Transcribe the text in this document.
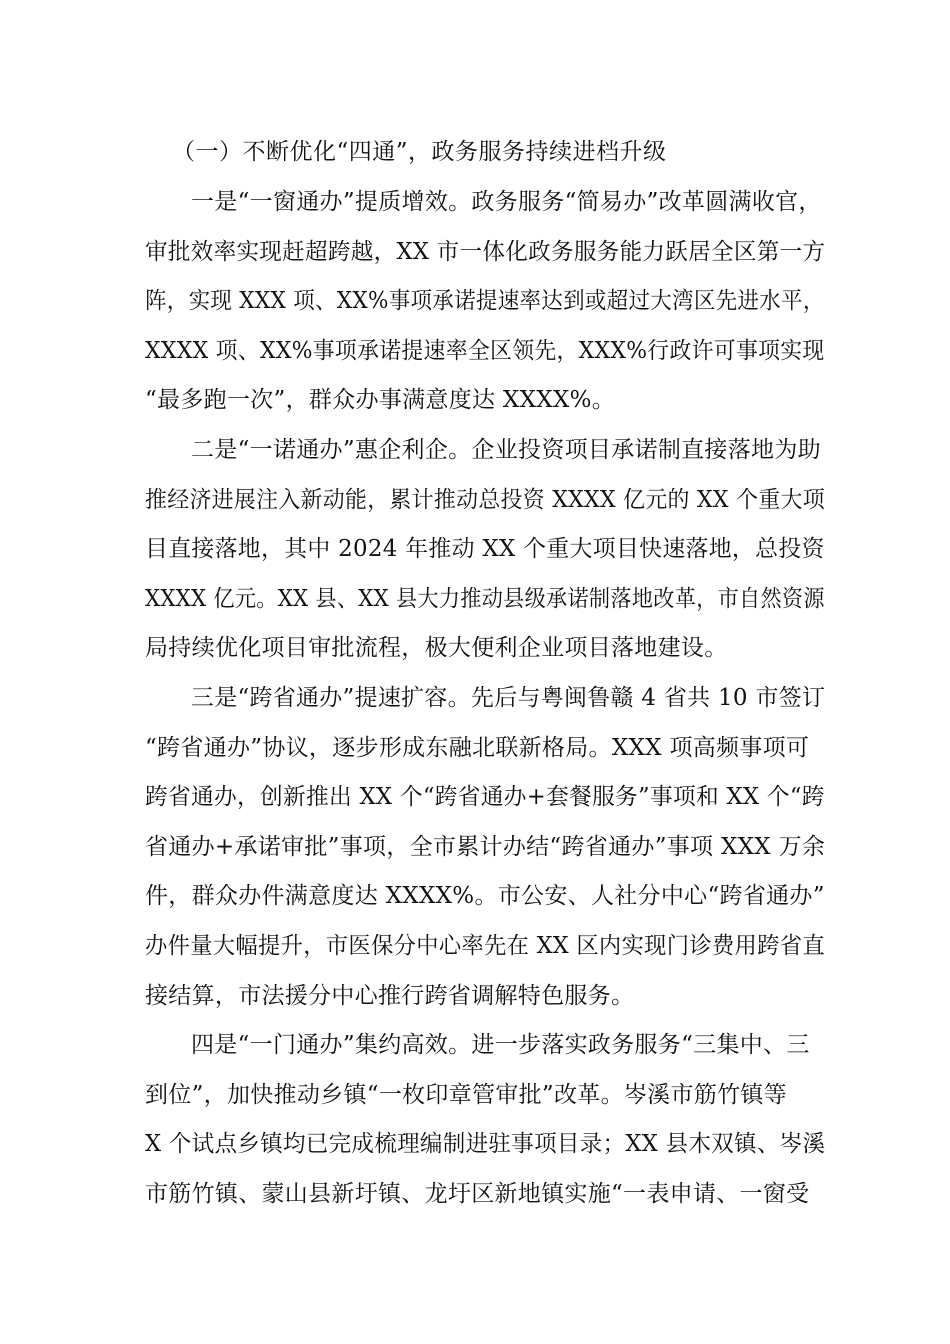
（一）不断优化“四通”，政务服务持续进档升级
一是“一窗通办”提质增效。政务服务“简易办”改革圆满收官，
审批效率实现赶超跨越，XX 市一体化政务服务能力跃居全区第一方
阵，实现 XXX 项、XX%事项承诺提速率达到或超过大湾区先进水平，
XXXX 项、XX%事项承诺提速率全区领先，XXX%行政许可事项实现
“最多跑一次”，群众办事满意度达 XXXX%。
二是“一诺通办”惠企利企。企业投资项目承诺制直接落地为助
推经济进展注入新动能，累计推动总投资 XXXX 亿元的 XX 个重大项
目直接落地，其中 2024 年推动 XX 个重大项目快速落地，总投资
XXXX 亿元。XX 县、XX 县大力推动县级承诺制落地改革，市自然资源
局持续优化项目审批流程，极大便利企业项目落地建设。
三是“跨省通办”提速扩容。先后与粤闽鲁赣 4 省共 10 市签订
“跨省通办”协议，逐步形成东融北联新格局。XXX 项高频事项可
跨省通办，创新推出 XX 个“跨省通办+套餐服务”事项和 XX 个“跨
省通办+承诺审批”事项，全市累计办结“跨省通办”事项 XXX 万余
件，群众办件满意度达 XXXX%。市公安、人社分中心“跨省通办”
办件量大幅提升，市医保分中心率先在 XX 区内实现门诊费用跨省直
接结算，市法援分中心推行跨省调解特色服务。
四是“一门通办”集约高效。进一步落实政务服务“三集中、三
到位”，加快推动乡镇“一枚印章管审批”改革。岑溪市筋竹镇等
X 个试点乡镇均已完成梳理编制进驻事项目录；XX 县木双镇、岑溪
市筋竹镇、蒙山县新圩镇、龙圩区新地镇实施“一表申请、一窗受
